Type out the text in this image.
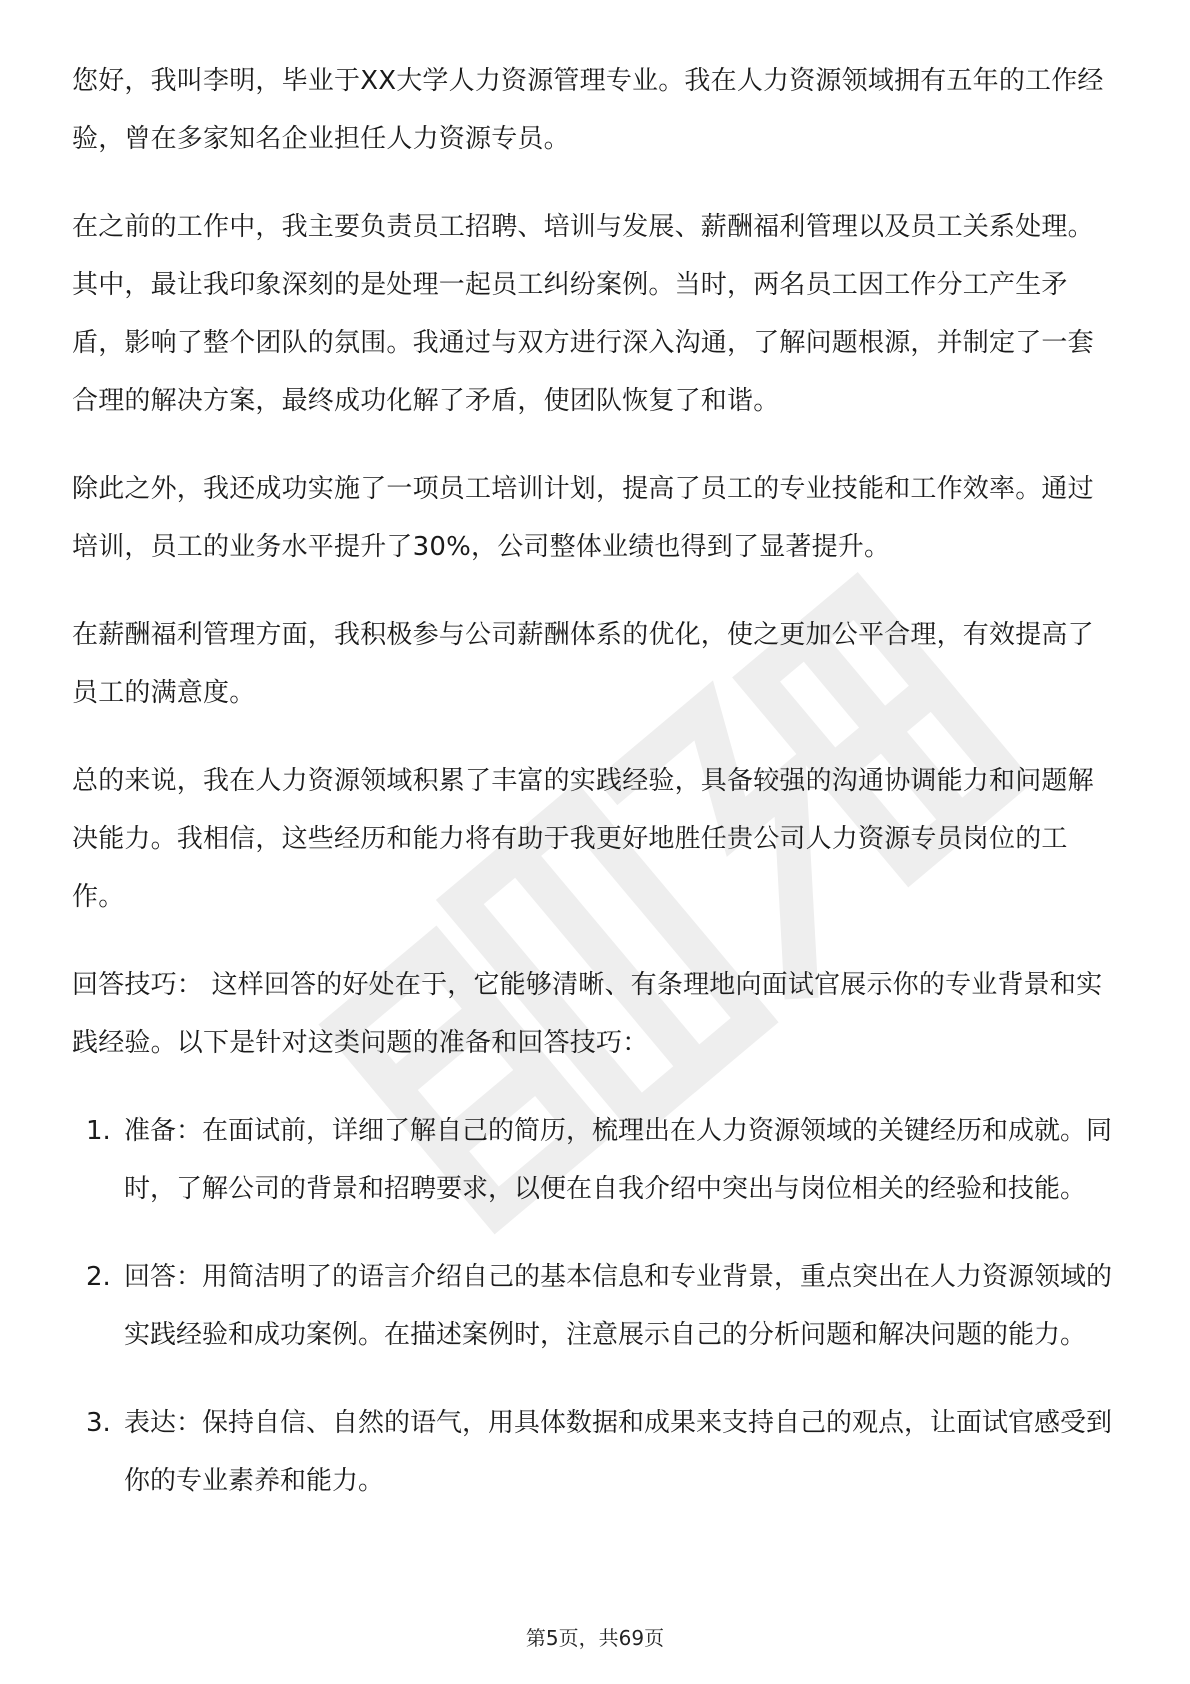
您好，我叫李明，毕业于XX大学人力资源管理专业。我在人力资源领域拥有五年的工作经验，曾在多家知名企业担任人力资源专员。

在之前的工作中，我主要负责员工招聘、培训与发展、薪酬福利管理以及员工关系处理。其中，最让我印象深刻的是处理一起员工纠纷案例。当时，两名员工因工作分工产生矛盾，影响了整个团队的氛围。我通过与双方进行深入沟通，了解问题根源，并制定了一套合理的解决方案，最终成功化解了矛盾，使团队恢复了和谐。

除此之外，我还成功实施了一项员工培训计划，提高了员工的专业技能和工作效率。通过培训，员工的业务水平提升了30%，公司整体业绩也得到了显著提升。

在薪酬福利管理方面，我积极参与公司薪酬体系的优化，使之更加公平合理，有效提高了员工的满意度。

总的来说，我在人力资源领域积累了丰富的实践经验，具备较强的沟通协调能力和问题解决能力。我相信，这些经历和能力将有助于我更好地胜任贵公司人力资源专员岗位的工作。

回答技巧： 这样回答的好处在于，它能够清晰、有条理地向面试官展示你的专业背景和实践经验。以下是针对这类问题的准备和回答技巧：

1. 准备：在面试前，详细了解自己的简历，梳理出在人力资源领域的关键经历和成就。同时，了解公司的背景和招聘要求，以便在自我介绍中突出与岗位相关的经验和技能。
2. 回答：用简洁明了的语言介绍自己的基本信息和专业背景，重点突出在人力资源领域的实践经验和成功案例。在描述案例时，注意展示自己的分析问题和解决问题的能力。
3. 表达：保持自信、自然的语气，用具体数据和成果来支持自己的观点，让面试官感受到你的专业素养和能力。
第5页，共69页
